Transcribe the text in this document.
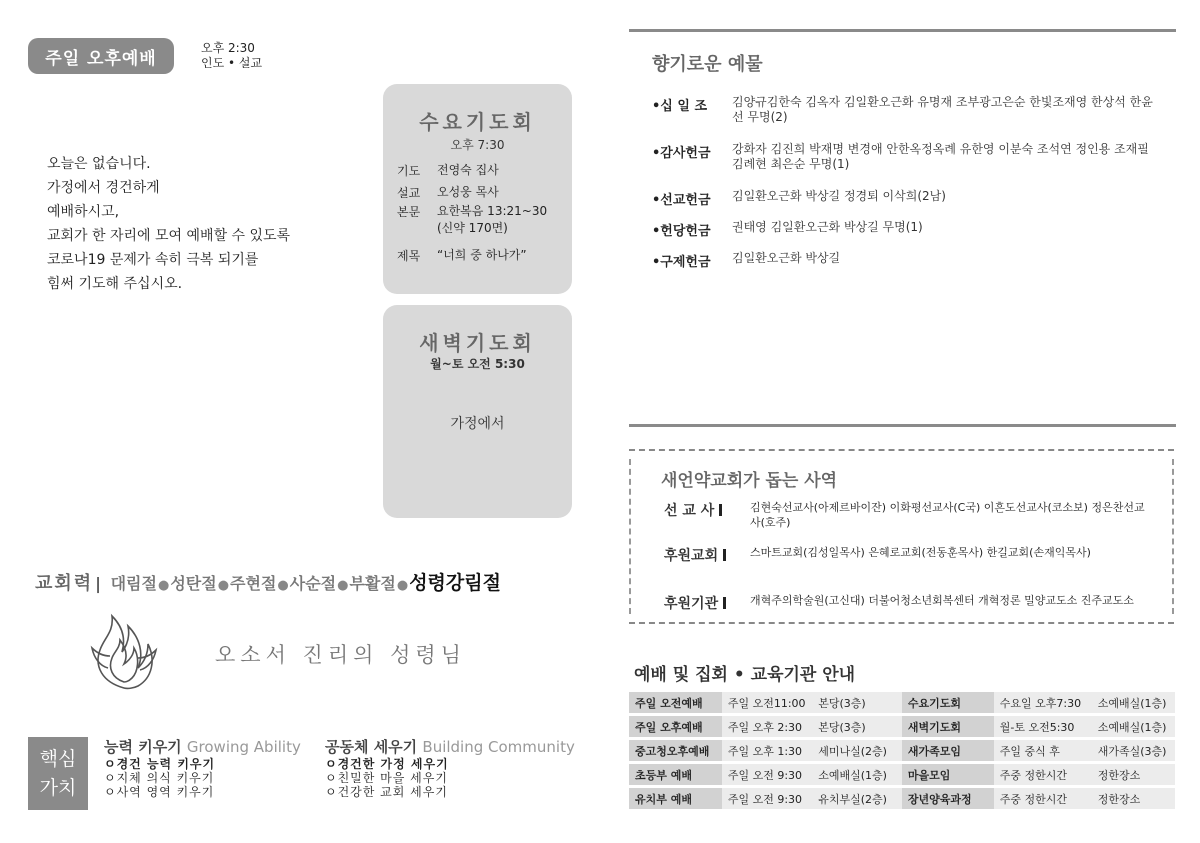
주일 오후예배
오후 2:30
인도 • 설교
오늘은 없습니다.
가정에서 경건하게
예배하시고,
교회가 한 자리에 모여 예배할 수 있도록
코로나19 문제가 속히 극복 되기를
힘써 기도해 주십시오.
수요기도회
오후 7:30
기도	전영숙 집사
설교	오성웅 목사
본문	요한복음 13:21~30
(신약 170면)
제목	“너희 중 하나가”
새벽기도회
월~토 오전 5:30
가정에서
교회력 | 대림절●성탄절●주현절●사순절●부활절●성령강림절
오소서 진리의 성령님
핵심
가치
능력 키우기 Growing Ability
ㅇ경건 능력 키우기
ㅇ지체 의식 키우기
ㅇ사역 영역 키우기
공동체 세우기 Building Community
ㅇ경건한 가정 세우기
ㅇ친밀한 마을 세우기
ㅇ건강한 교회 세우기
향기로운 예물
•십 일 조	김양규김한숙 김옥자 김일환오근화 유명재 조부광고은순 한빛조재영 한상석 한윤선 무명(2)
•감사헌금	강화자 김진희 박재명 변경애 안한옥정옥례 유한영 이분숙 조석연 정인용 조재필 김례현 최은순 무명(1)
•선교헌금	김일환오근화 박상길 정경퇴 이삭희(2남)
•헌당헌금	권태영 김일환오근화 박상길 무명(1)
•구제헌금	김일환오근화 박상길
새언약교회가 돕는 사역
선 교 사	김현숙선교사(아제르바이잔) 이화평선교사(C국) 이흔도선교사(코소보) 정은찬선교사(호주)
후원교회	스마트교회(김성일목사) 은혜로교회(전동훈목사) 한길교회(손재익목사)
후원기관	개혁주의학술원(고신대) 더불어청소년회복센터 개혁정론 밀양교도소 진주교도소
예배 및 집회 • 교육기관 안내
주일 오전예배	주일 오전11:00	본당(3층)	수요기도회	수요일 오후7:30	소예배실(1층)
주일 오후예배	주일 오후 2:30	본당(3층)	새벽기도회	월-토 오전5:30	소예배실(1층)
중고청오후예배	주일 오후 1:30	세미나실(2층)	새가족모임	주일 중식 후	새가족실(3층)
초등부 예배	주일 오전 9:30	소예배실(1층)	마을모임	주중 정한시간	정한장소
유치부 예배	주일 오전 9:30	유치부실(2층)	장년양육과정	주중 정한시간	정한장소
